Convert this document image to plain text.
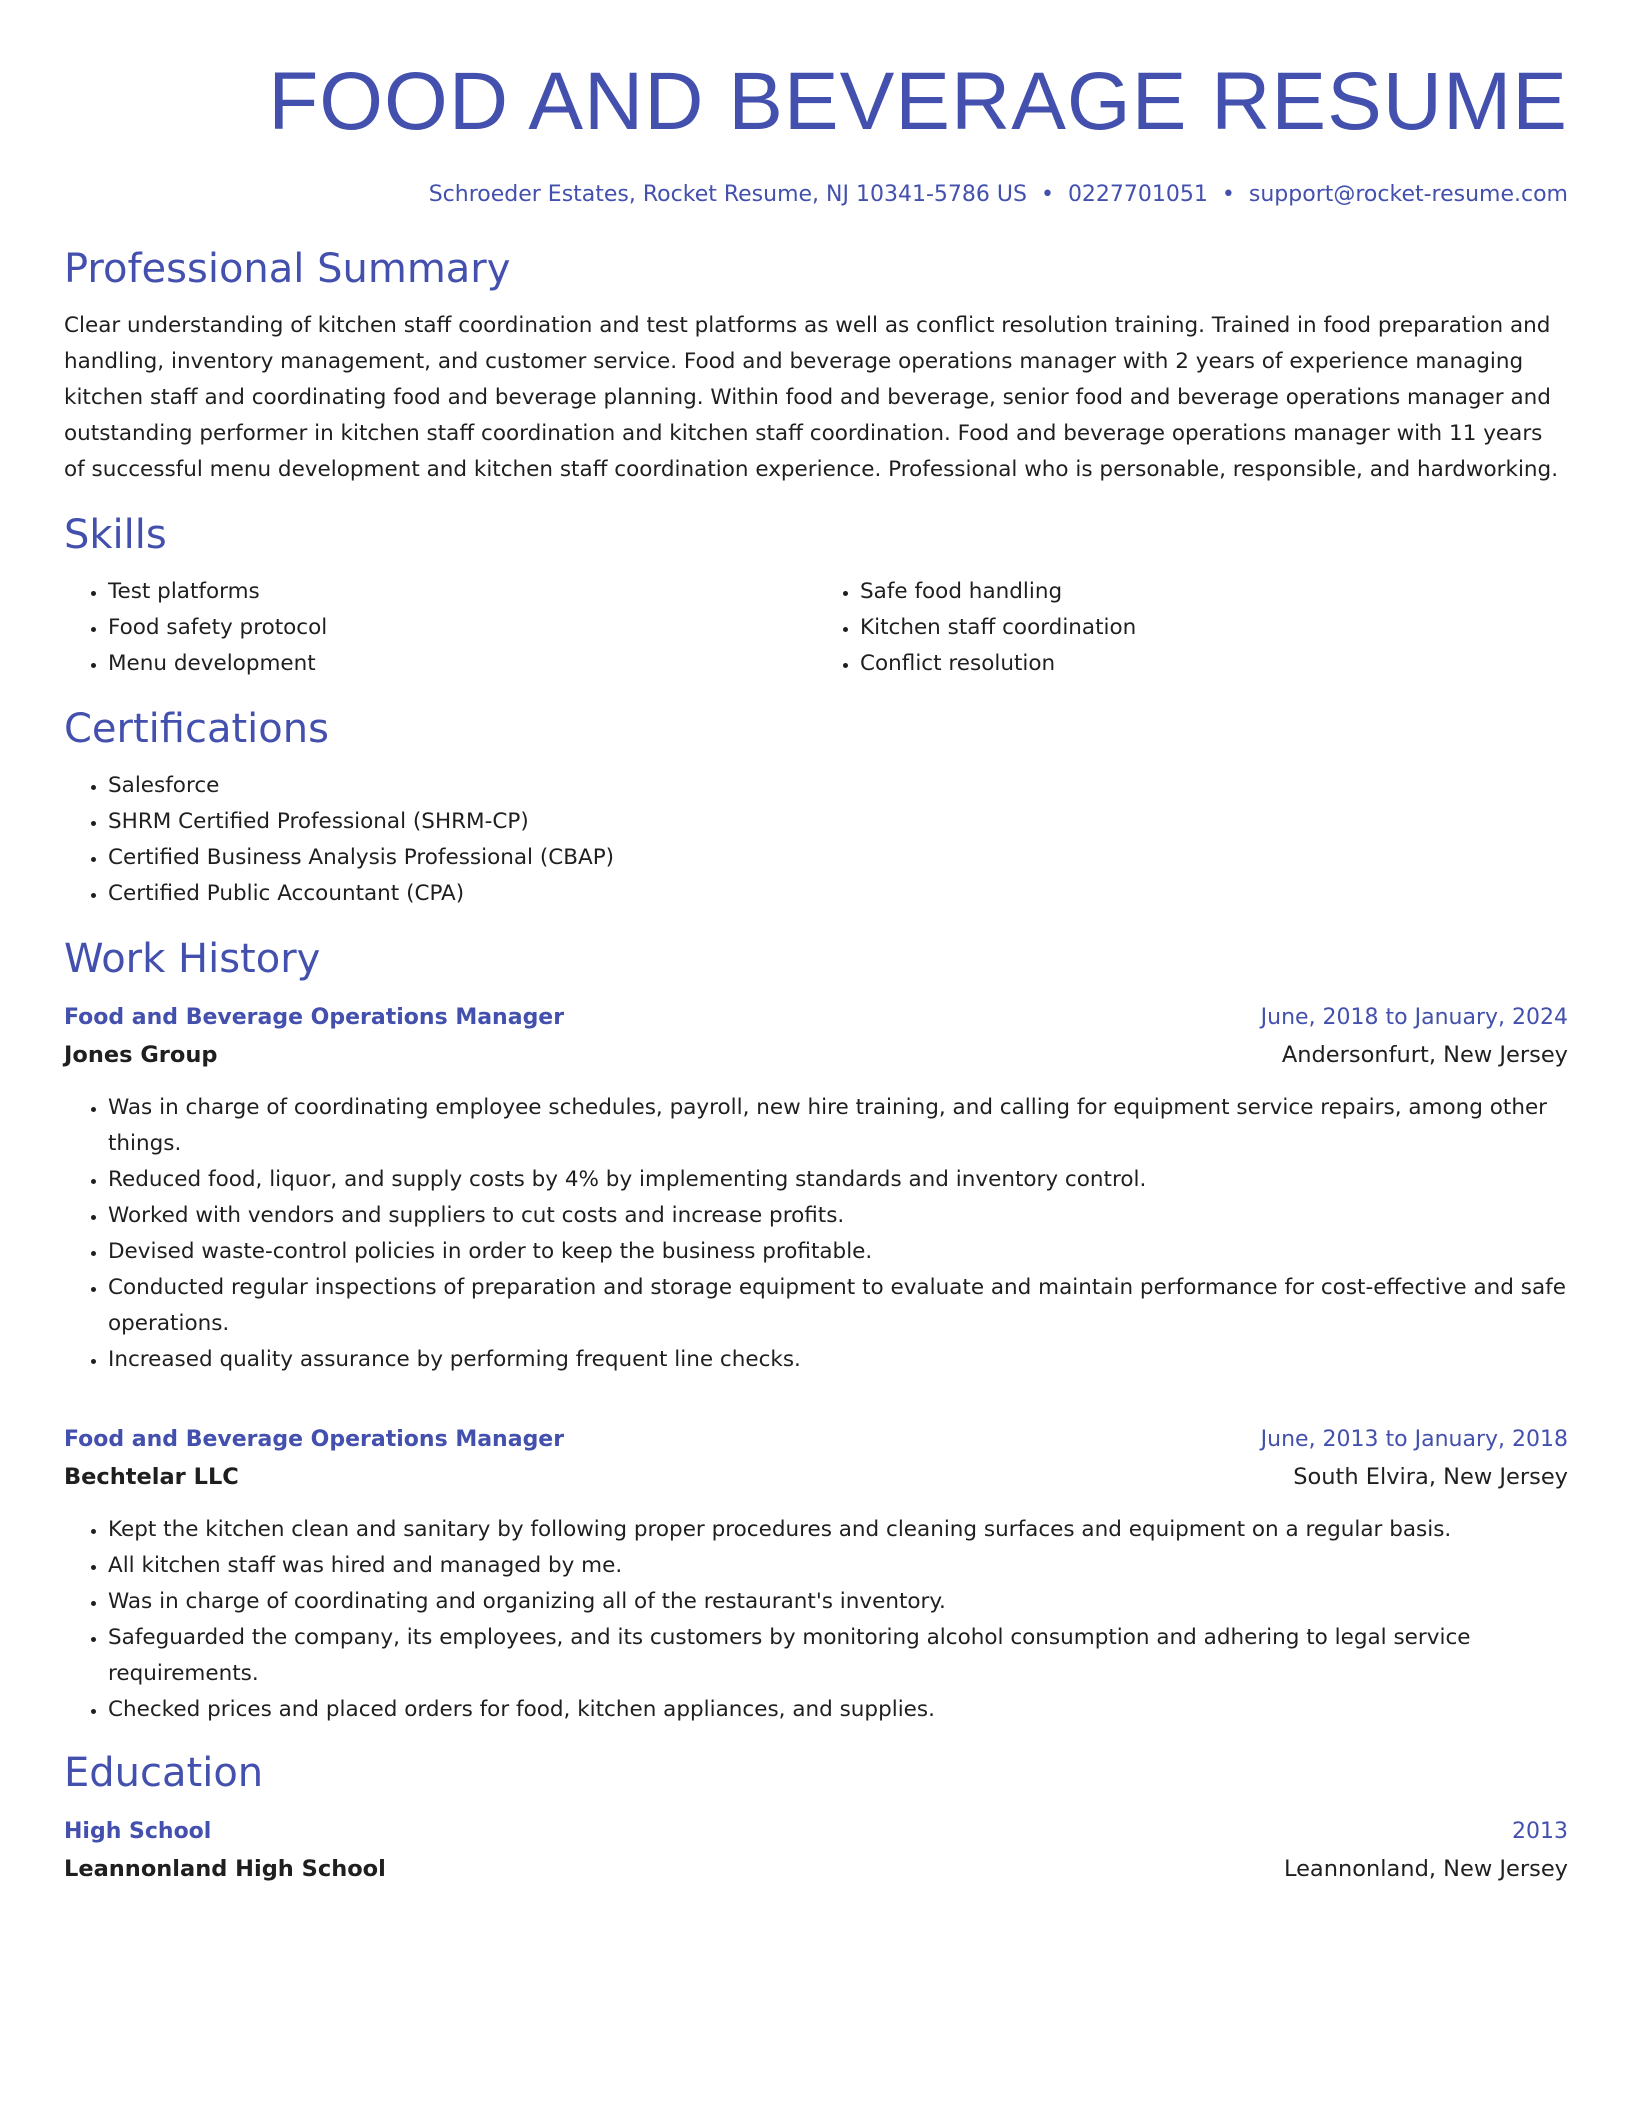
FOOD AND BEVERAGE RESUME
Schroeder Estates, Rocket Resume, NJ 10341-5786 US • 0227701051 • support@rocket-resume.com
Professional Summary

Clear understanding of kitchen staff coordination and test platforms as well as conflict resolution training. Trained in food preparation and handling, inventory management, and customer service. Food and beverage operations manager with 2 years of experience managing kitchen staff and coordinating food and beverage planning. Within food and beverage, senior food and beverage operations manager and outstanding performer in kitchen staff coordination and kitchen staff coordination. Food and beverage operations manager with 11 years of successful menu development and kitchen staff coordination experience. Professional who is personable, responsible, and hardworking.

Skills
• Test platforms
• Food safety protocol
• Menu development
• Safe food handling
• Kitchen staff coordination
• Conflict resolution
Certifications
• Salesforce
• SHRM Certified Professional (SHRM-CP)
• Certified Business Analysis Professional (CBAP)
• Certified Public Accountant (CPA)
Work History
Food and Beverage Operations Manager	June, 2018 to January, 2024
Jones Group	Andersonfurt, New Jersey
• Was in charge of coordinating employee schedules, payroll, new hire training, and calling for equipment service repairs, among other things.
• Reduced food, liquor, and supply costs by 4% by implementing standards and inventory control.
• Worked with vendors and suppliers to cut costs and increase profits.
• Devised waste-control policies in order to keep the business profitable.
• Conducted regular inspections of preparation and storage equipment to evaluate and maintain performance for cost-effective and safe operations.
• Increased quality assurance by performing frequent line checks.
Food and Beverage Operations Manager	June, 2013 to January, 2018
Bechtelar LLC	South Elvira, New Jersey
• Kept the kitchen clean and sanitary by following proper procedures and cleaning surfaces and equipment on a regular basis.
• All kitchen staff was hired and managed by me.
• Was in charge of coordinating and organizing all of the restaurant's inventory.
• Safeguarded the company, its employees, and its customers by monitoring alcohol consumption and adhering to legal service requirements.
• Checked prices and placed orders for food, kitchen appliances, and supplies.
Education
High School	2013
Leannonland High School	Leannonland, New Jersey
